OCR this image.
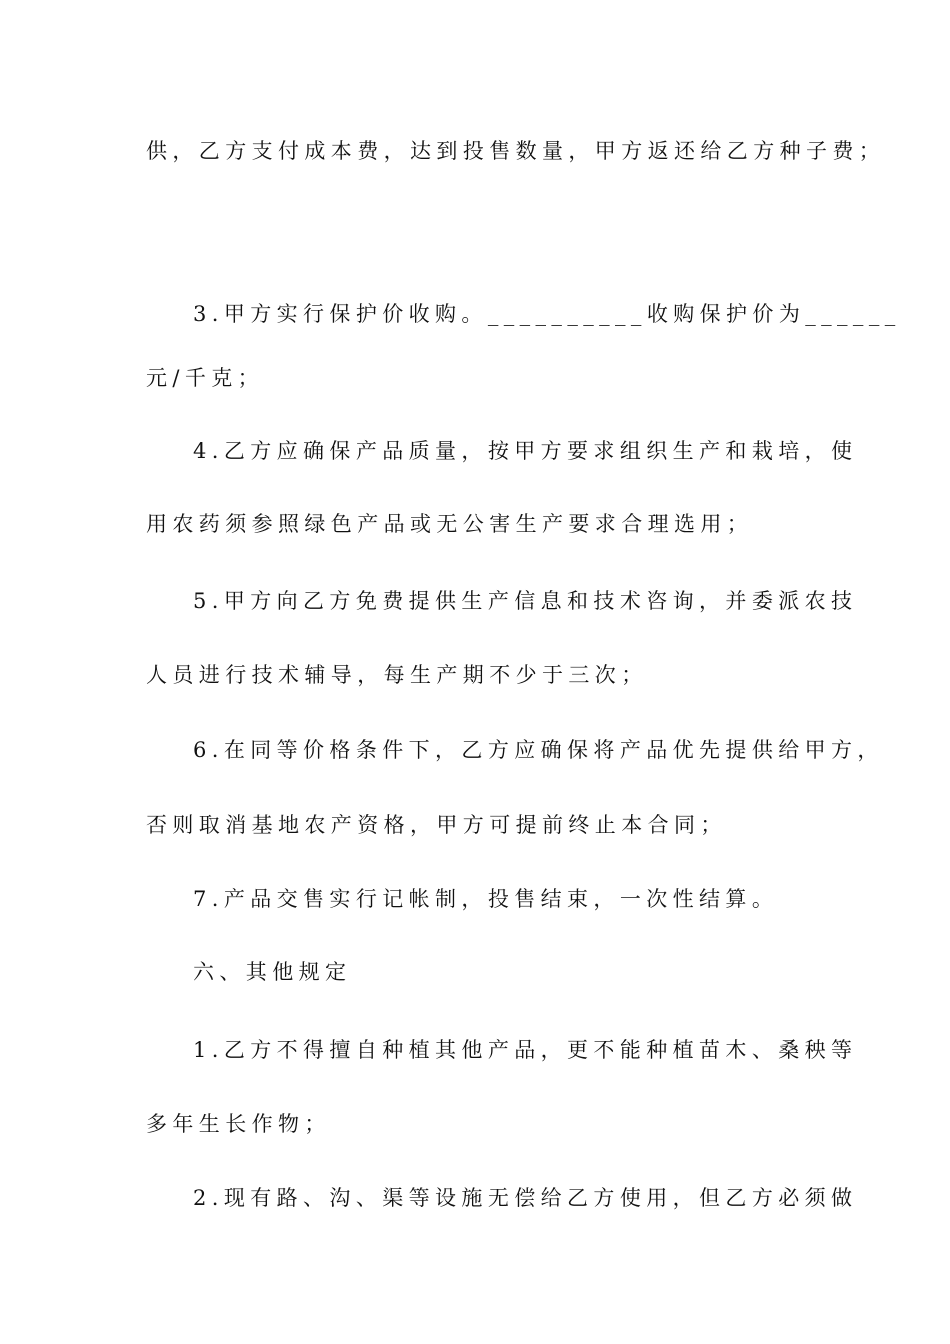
供，乙方支付成本费，达到投售数量，甲方返还给乙方种子费；
3.甲方实行保护价收购。__________收购保护价为______
元/千克；
4.乙方应确保产品质量，按甲方要求组织生产和栽培，使
用农药须参照绿色产品或无公害生产要求合理选用；
5.甲方向乙方免费提供生产信息和技术咨询，并委派农技
人员进行技术辅导，每生产期不少于三次；
6.在同等价格条件下，乙方应确保将产品优先提供给甲方，
否则取消基地农产资格，甲方可提前终止本合同；
7.产品交售实行记帐制，投售结束，一次性结算。
六、其他规定
1.乙方不得擅自种植其他产品，更不能种植苗木、桑秧等
多年生长作物；
2.现有路、沟、渠等设施无偿给乙方使用，但乙方必须做
